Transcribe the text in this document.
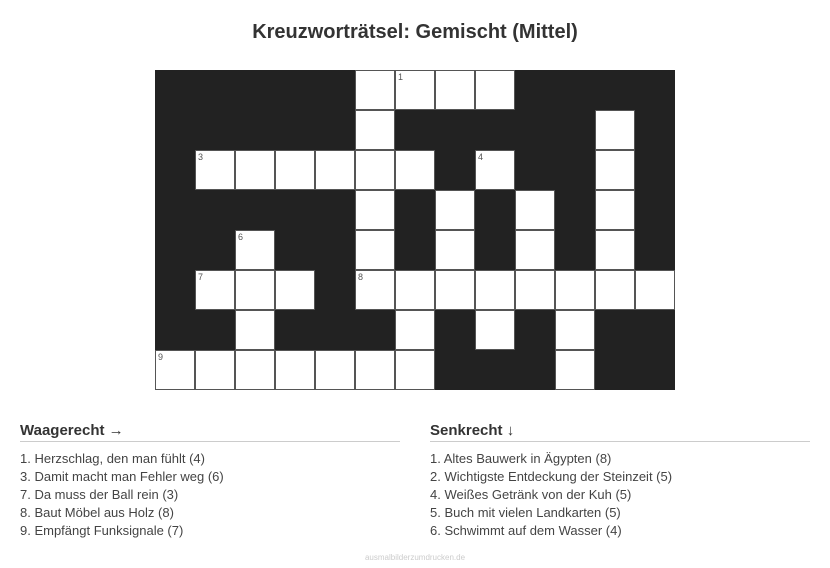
Kreuzworträtsel: Gemischt (Mittel)
1
3	4
6
7	8
9
Waagerecht →
1. Herzschlag, den man fühlt (4)
3. Damit macht man Fehler weg (6)
7. Da muss der Ball rein (3)
8. Baut Möbel aus Holz (8)
9. Empfängt Funksignale (7)
Senkrecht ↓
1. Altes Bauwerk in Ägypten (8)
2. Wichtigste Entdeckung der Steinzeit (5)
4. Weißes Getränk von der Kuh (5)
5. Buch mit vielen Landkarten (5)
6. Schwimmt auf dem Wasser (4)
ausmalbilderzumdrucken.de
